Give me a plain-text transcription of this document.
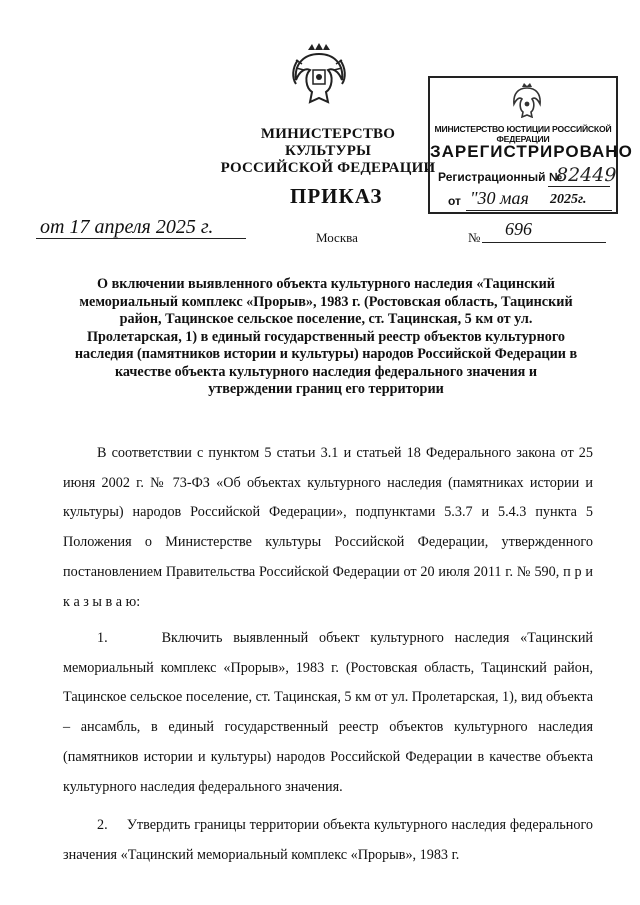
МИНИСТЕРСТВО КУЛЬТУРЫ
РОССИЙСКОЙ ФЕДЕРАЦИИ
МИНИСТЕРСТВО ЮСТИЦИИ РОССИЙСКОЙ ФЕДЕРАЦИИ
ЗАРЕГИСТРИРОВАНО
Регистрационный №
82449
от "30 мая 2025г.
ПРИКАЗ
от 17 апреля 2025 г.	Москва	№ 696
О включении выявленного объекта культурного наследия «Тацинский мемориальный комплекс «Прорыв», 1983 г. (Ростовская область, Тацинский район, Тацинское сельское поселение, ст. Тацинская, 5 км от ул. Пролетарская, 1) в единый государственный реестр объектов культурного наследия (памятников истории и культуры) народов Российской Федерации в качестве объекта культурного наследия федерального значения и утверждении границ его территории
В соответствии с пунктом 5 статьи 3.1 и статьей 18 Федерального закона от 25 июня 2002 г. № 73-ФЗ «Об объектах культурного наследия (памятниках истории и культуры) народов Российской Федерации», подпунктами 5.3.7 и 5.4.3 пункта 5 Положения о Министерстве культуры Российской Федерации, утвержденного постановлением Правительства Российской Федерации от 20 июля 2011 г. № 590, п р и к а з ы в а ю:
1.	Включить выявленный объект культурного наследия «Тацинский мемориальный комплекс «Прорыв», 1983 г. (Ростовская область, Тацинский район, Тацинское сельское поселение, ст. Тацинская, 5 км от ул. Пролетарская, 1), вид объекта – ансамбль, в единый государственный реестр объектов культурного наследия (памятников истории и культуры) народов Российской Федерации в качестве объекта культурного наследия федерального значения.
2. Утвердить границы территории объекта культурного наследия федерального значения «Тацинский мемориальный комплекс «Прорыв», 1983 г.
